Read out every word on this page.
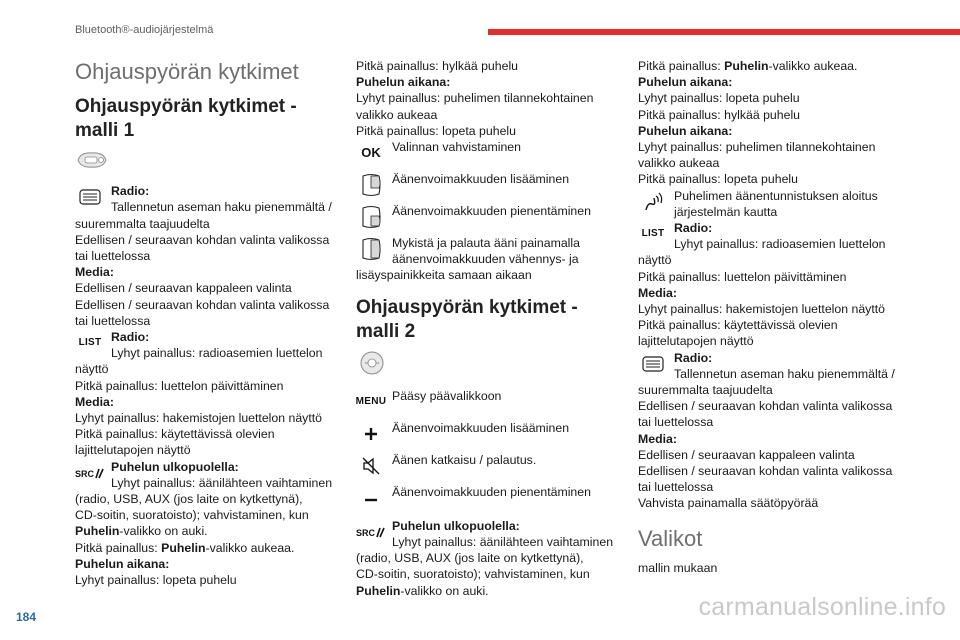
Bluetooth®-audiojärjestelmä
Ohjauspyörän kytkimet
Ohjauspyörän kytkimet -
malli 1
Radio:
Tallennetun aseman haku pienemmältä /
suuremmalta taajuudelta
Edellisen / seuraavan kohdan valinta valikossa
tai luettelossa
Media:
Edellisen / seuraavan kappaleen valinta
Edellisen / seuraavan kohdan valinta valikossa
tai luettelossa
LIST Radio:
Lyhyt painallus: radioasemien luettelon
näyttö
Pitkä painallus: luettelon päivittäminen
Media:
Lyhyt painallus: hakemistojen luettelon näyttö
Pitkä painallus: käytettävissä olevien
lajittelutapojen näyttö
SRC Puhelun ulkopuolella:
Lyhyt painallus: äänilähteen vaihtaminen
(radio, USB, AUX (jos laite on kytkettynä),
CD-soitin, suoratoisto); vahvistaminen, kun
Puhelin-valikko on auki.
Pitkä painallus: Puhelin-valikko aukeaa.
Puhelun aikana:
Lyhyt painallus: lopeta puhelu
Pitkä painallus: hylkää puhelu
Puhelun aikana:
Lyhyt painallus: puhelimen tilannekohtainen
valikko aukeaa
Pitkä painallus: lopeta puhelu
OK Valinnan vahvistaminen
Äänenvoimakkuuden lisääminen
Äänenvoimakkuuden pienentäminen
Mykistä ja palauta ääni painamalla
äänenvoimakkuuden vähennys- ja
lisäyspainikkeita samaan aikaan
Ohjauspyörän kytkimet -
malli 2
MENU Pääsy päävalikkoon
Äänenvoimakkuuden lisääminen
Äänen katkaisu / palautus.
Äänenvoimakkuuden pienentäminen
SRC Puhelun ulkopuolella:
Lyhyt painallus: äänilähteen vaihtaminen
(radio, USB, AUX (jos laite on kytkettynä),
CD-soitin, suoratoisto); vahvistaminen, kun
Puhelin-valikko on auki.
Pitkä painallus: Puhelin-valikko aukeaa.
Puhelun aikana:
Lyhyt painallus: lopeta puhelu
Pitkä painallus: hylkää puhelu
Puhelun aikana:
Lyhyt painallus: puhelimen tilannekohtainen
valikko aukeaa
Pitkä painallus: lopeta puhelu
Puhelimen äänentunnistuksen aloitus
järjestelmän kautta
LIST Radio:
Lyhyt painallus: radioasemien luettelon
näyttö
Pitkä painallus: luettelon päivittäminen
Media:
Lyhyt painallus: hakemistojen luettelon näyttö
Pitkä painallus: käytettävissä olevien
lajittelutapojen näyttö
Radio:
Tallennetun aseman haku pienemmältä /
suuremmalta taajuudelta
Edellisen / seuraavan kohdan valinta valikossa
tai luettelossa
Media:
Edellisen / seuraavan kappaleen valinta
Edellisen / seuraavan kohdan valinta valikossa
tai luettelossa
Vahvista painamalla säätöpyörää
Valikot
mallin mukaan
184	carmanualsonline.info
